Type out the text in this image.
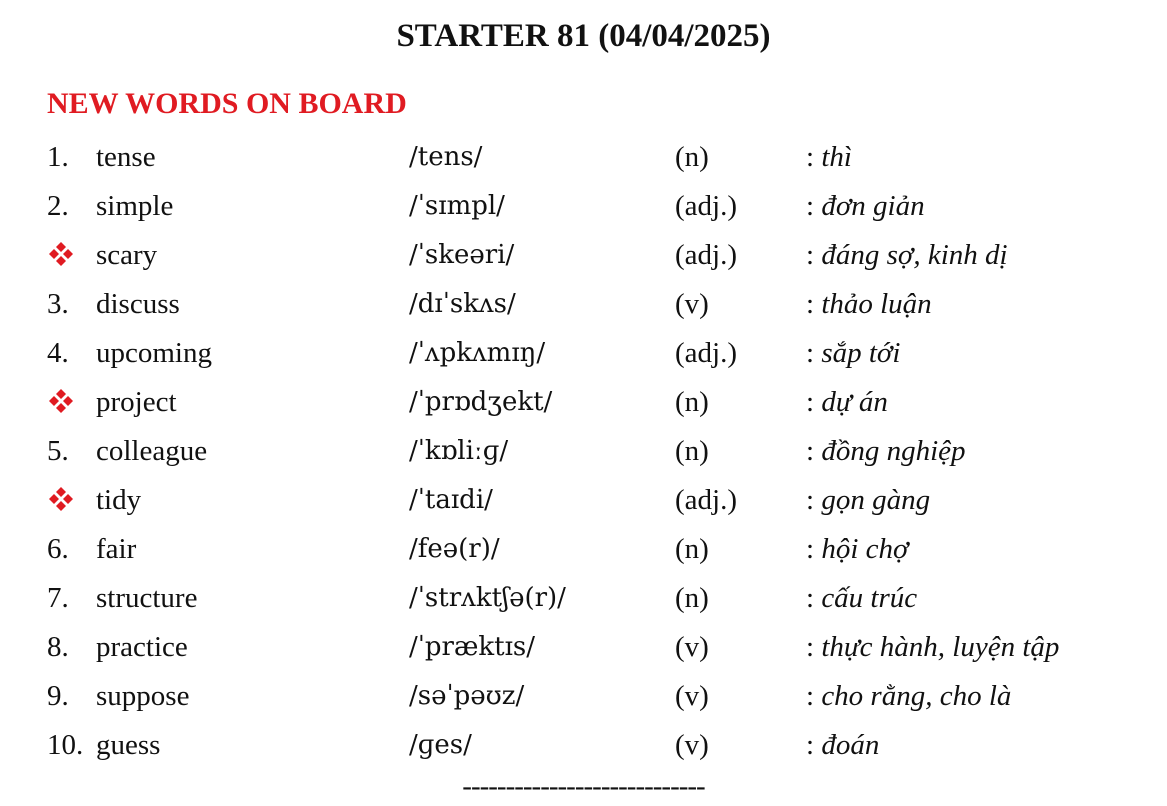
STARTER 81 (04/04/2025)
NEW WORDS ON BOARD
1. tense	/tens/	(n)	: thì
2. simple	/ˈsɪmpl/	(adj.) : đơn giản
scary	/ˈskeəri/	(adj.) : đáng sợ, kinh dị
3. discuss	/dɪˈskʌs/	(v)	: thảo luận
4. upcoming	/ˈʌpkʌmɪŋ/	(adj.) : sắp tới
project	/ˈprɒdʒekt/	(n)	: dự án
5. colleague	/ˈkɒliːɡ/	(n)	: đồng nghiệp
tidy	/ˈtaɪdi/	(adj.) : gọn gàng
6. fair	/feə(r)/	(n)	: hội chợ
7. structure	/ˈstrʌktʃə(r)/	(n)	: cấu trúc
8. practice	/ˈpræktɪs/	(v)	: thực hành, luyện tập
9. suppose	/səˈpəʊz/	(v)	: cho rằng, cho là
10. guess	/ɡes/	(v)	: đoán
----------------------------
